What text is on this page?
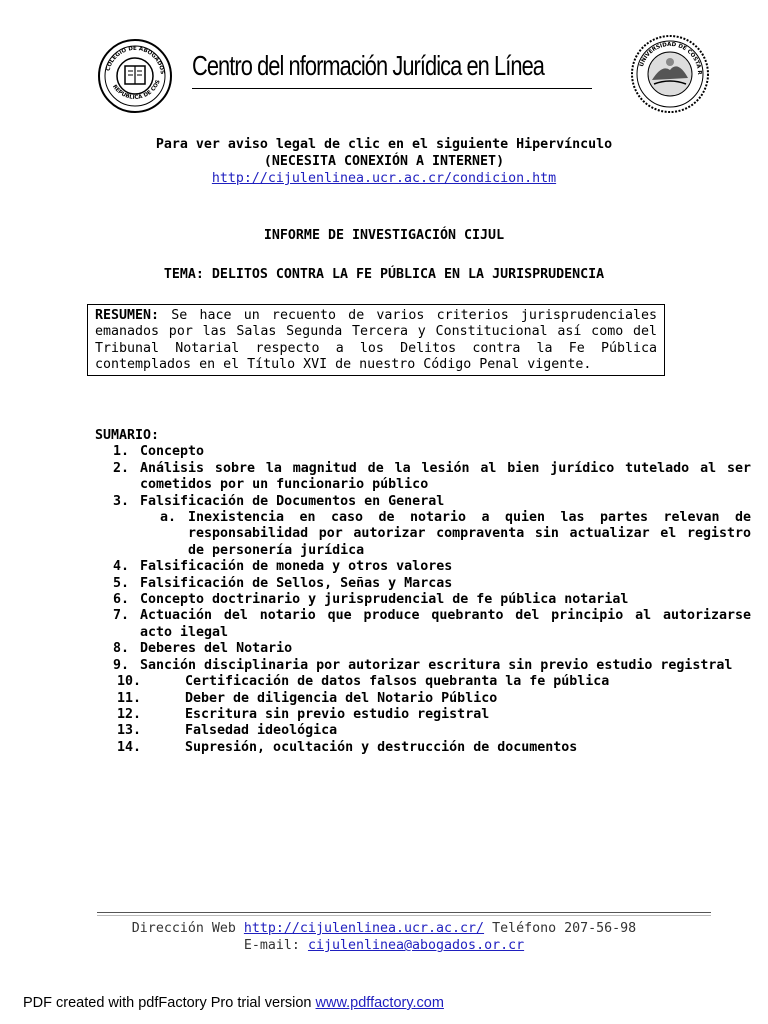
COLEGIO DE ABOGADOS
REPUBLICA DE COS
Centro del nformación Jurídica en Línea	UNIVERSIDAD DE COSTA R
Para ver aviso legal de clic en el siguiente Hipervínculo
(NECESITA CONEXIÓN A INTERNET)
http://cijulenlinea.ucr.ac.cr/condicion.htm
INFORME DE INVESTIGACIÓN CIJUL
TEMA: DELITOS CONTRA LA FE PÚBLICA EN LA JURISPRUDENCIA
RESUMEN: Se hace un recuento de varios criterios jurisprudenciales emanados por las Salas Segunda Tercera y Constitucional así como del Tribunal Notarial respecto a los Delitos contra la Fe Pública contemplados en el Título XVI de nuestro Código Penal vigente.
SUMARIO:
1. Concepto
2. Análisis sobre la magnitud de la lesión al bien jurídico tutelado al ser cometidos por un funcionario público
3. Falsificación de Documentos en General
a. Inexistencia en caso de notario a quien las partes relevan de responsabilidad por autorizar compraventa sin actualizar el registro de personería jurídica
4. Falsificación de moneda y otros valores
5. Falsificación de Sellos, Señas y Marcas
6. Concepto doctrinario y jurisprudencial de fe pública notarial
7. Actuación del notario que produce quebranto del principio al autorizarse acto ilegal
8. Deberes del Notario
9. Sanción disciplinaria por autorizar escritura sin previo estudio registral
10.	Certificación de datos falsos quebranta la fe pública
11.	Deber de diligencia del Notario Público
12.	Escritura sin previo estudio registral
13.	Falsedad ideológica
14.	Supresión, ocultación y destrucción de documentos
Dirección Web http://cijulenlinea.ucr.ac.cr/ Teléfono 207-56-98
E-mail: cijulenlinea@abogados.or.cr
PDF created with pdfFactory Pro trial version www.pdffactory.com
